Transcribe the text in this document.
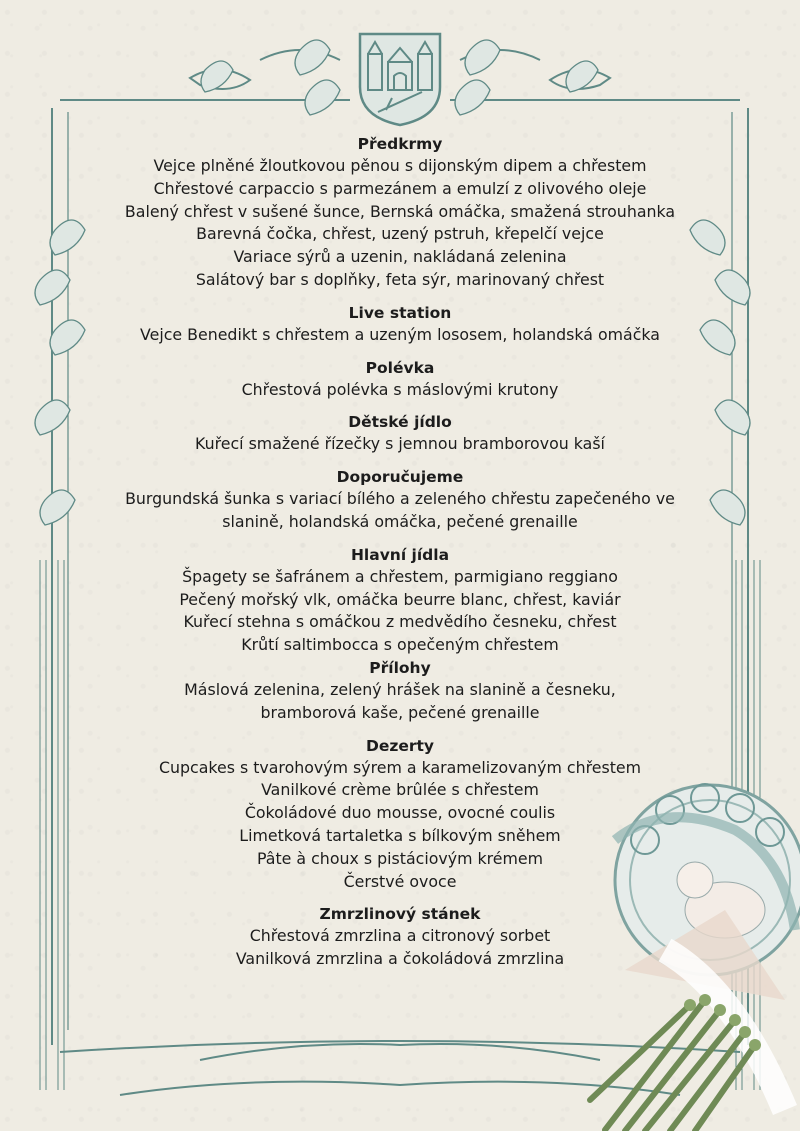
Předkrmy
Vejce plněné žloutkovou pěnou s dijonským dipem a chřestem
Chřestové carpaccio s parmezánem a emulzí z olivového oleje
Balený chřest v sušené šunce, Bernská omáčka, smažená strouhanka
Barevná čočka, chřest, uzený pstruh, křepelčí vejce
Variace sýrů a uzenin, nakládaná zelenina
Salátový bar s doplňky, feta sýr, marinovaný chřest
Live station
Vejce Benedikt s chřestem a uzeným lososem, holandská omáčka
Polévka
Chřestová polévka s máslovými krutony
Dětské jídlo
Kuřecí smažené řízečky s jemnou bramborovou kaší
Doporučujeme
Burgundská šunka s variací bílého a zeleného chřestu zapečeného ve
slanině, holandská omáčka, pečené grenaille
Hlavní jídla
Špagety se šafránem a chřestem, parmigiano reggiano
Pečený mořský vlk, omáčka beurre blanc, chřest, kaviár
Kuřecí stehna s omáčkou z medvědího česneku, chřest
Krůtí saltimbocca s opečeným chřestem
Přílohy
Máslová zelenina, zelený hrášek na slanině a česneku,
bramborová kaše, pečené grenaille
Dezerty
Cupcakes s tvarohovým sýrem a karamelizovaným chřestem
Vanilkové crème brûlée s chřestem
Čokoládové duo mousse, ovocné coulis
Limetková tartaletka s bílkovým sněhem
Pâte à choux s pistáciovým krémem
Čerstvé ovoce
Zmrzlinový stánek
Chřestová zmrzlina a citronový sorbet
Vanilková zmrzlina a čokoládová zmrzlina
